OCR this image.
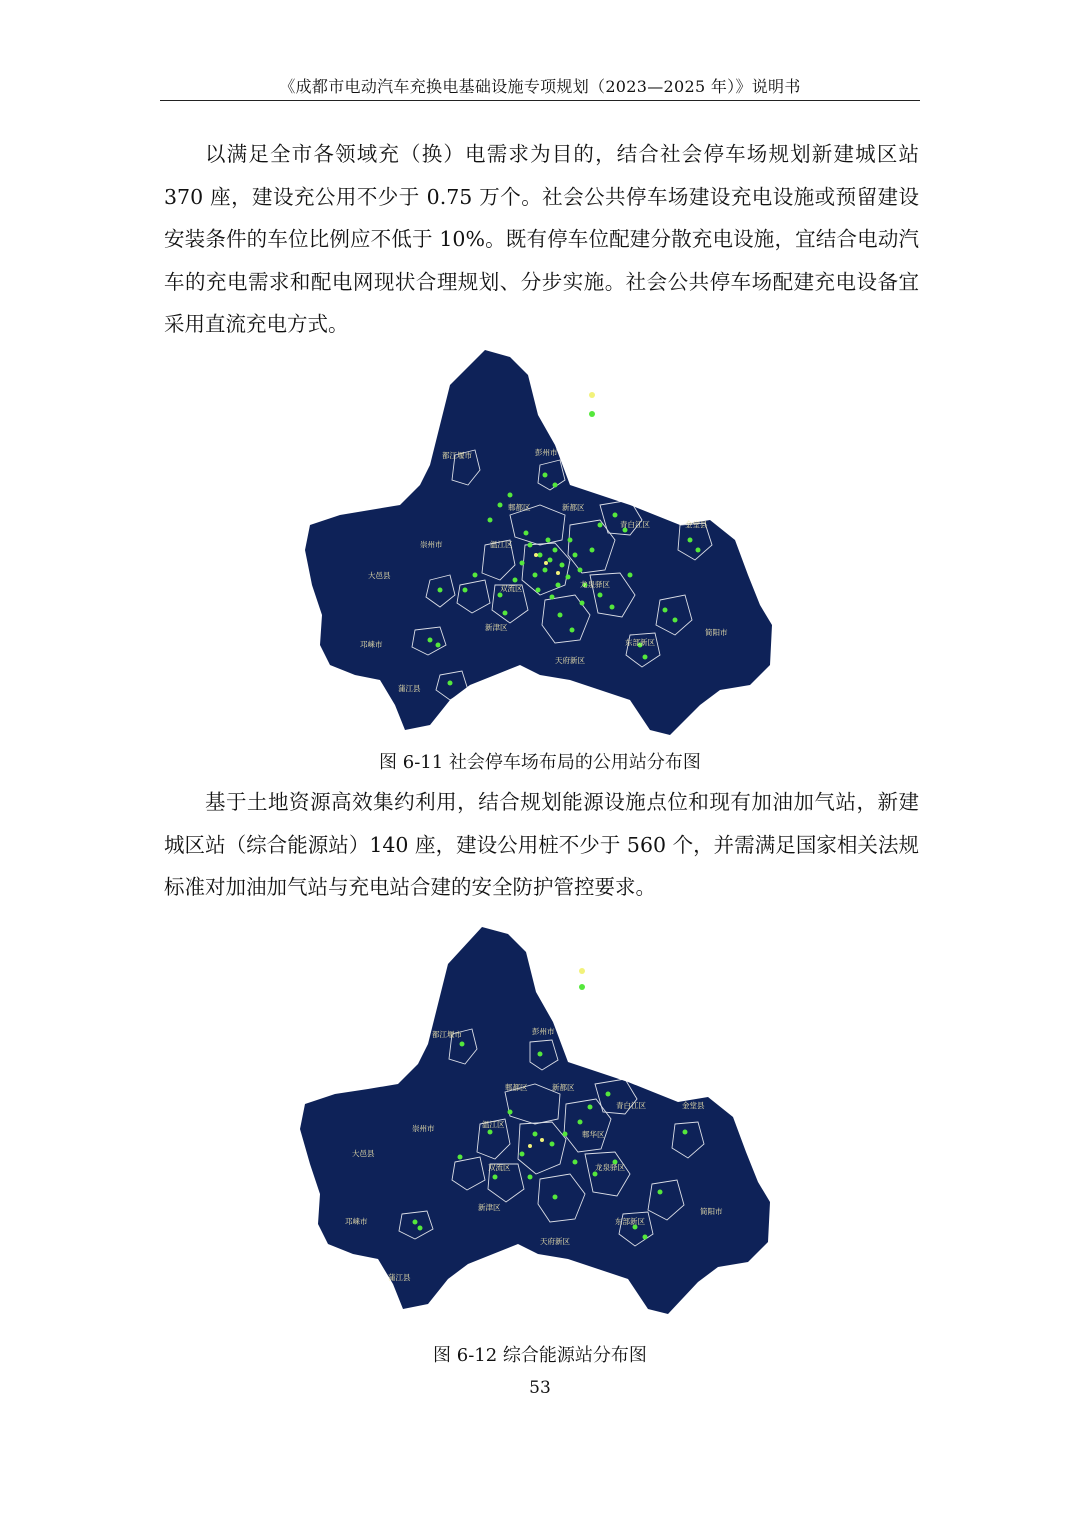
《成都市电动汽车充换电基础设施专项规划（2023—2025 年）》说明书

以满足全市各领域充（换）电需求为目的，结合社会停车场规划新建城区站 370 座，建设充公用不少于 0.75 万个。社会公共停车场建设充电设施或预留建设安装条件的车位比例应不低于 10%。既有停车位配建分散充电设施，宜结合电动汽车的充电需求和配电网现状合理规划、分步实施。社会公共停车场配建充电设备宜采用直流充电方式。

现状建成
规划新增
公用充电站充电管控单元
都江堰市	彭州市
郫都区	新都区
青白江区	金堂县
崇州市	温江区
大邑县
双流区	龙泉驿区
新津区
东部新区
简阳市
邛崃市
天府新区
蒲江县
图 6-11 社会停车场布局的公用站分布图

基于土地资源高效集约利用，结合规划能源设施点位和现有加油加气站，新建城区站（综合能源站）140 座，建设公用桩不少于 560 个，并需满足国家相关法规标准对加油加气站与充电站合建的安全防护管控要求。

现状建成 （已建成的综合能源站）
规划新增 （结合现有加油加气站改建90座，
新建综合能源站50座）
公用充电站充电管控单元
都江堰市	彭州市
郫都区	新都区
青白江区	金堂县
崇州市	温江区
郫华区
大邑县
双流区	龙泉驿区
新津区
东部新区
简阳市
邛崃市
天府新区
蒲江县
图 6-12 综合能源站分布图
53
